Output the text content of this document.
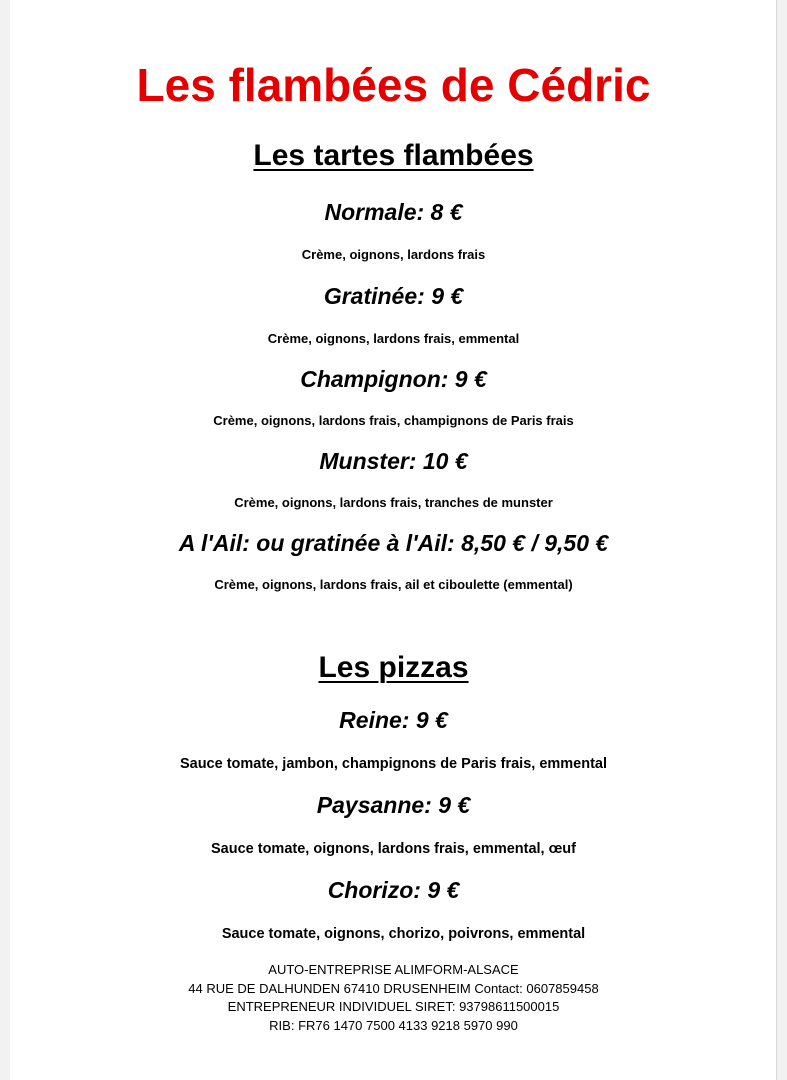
Les flambées de Cédric
Les tartes flambées
Normale: 8 €
Crème, oignons, lardons frais
Gratinée: 9 €
Crème, oignons, lardons frais, emmental
Champignon: 9 €
Crème, oignons, lardons frais, champignons de Paris frais
Munster: 10 €
Crème, oignons, lardons frais, tranches de munster
A l'Ail: ou gratinée à l'Ail: 8,50 € / 9,50 €
Crème, oignons, lardons frais, ail et ciboulette (emmental)
Les pizzas
Reine: 9 €
Sauce tomate, jambon, champignons de Paris frais, emmental
Paysanne: 9 €
Sauce tomate, oignons, lardons frais, emmental, œuf
Chorizo: 9 €
Sauce tomate, oignons, chorizo, poivrons, emmental
AUTO-ENTREPRISE ALIMFORM-ALSACE
44 RUE DE DALHUNDEN 67410 DRUSENHEIM Contact: 0607859458
ENTREPRENEUR INDIVIDUEL SIRET: 93798611500015
RIB: FR76 1470 7500 4133 9218 5970 990
